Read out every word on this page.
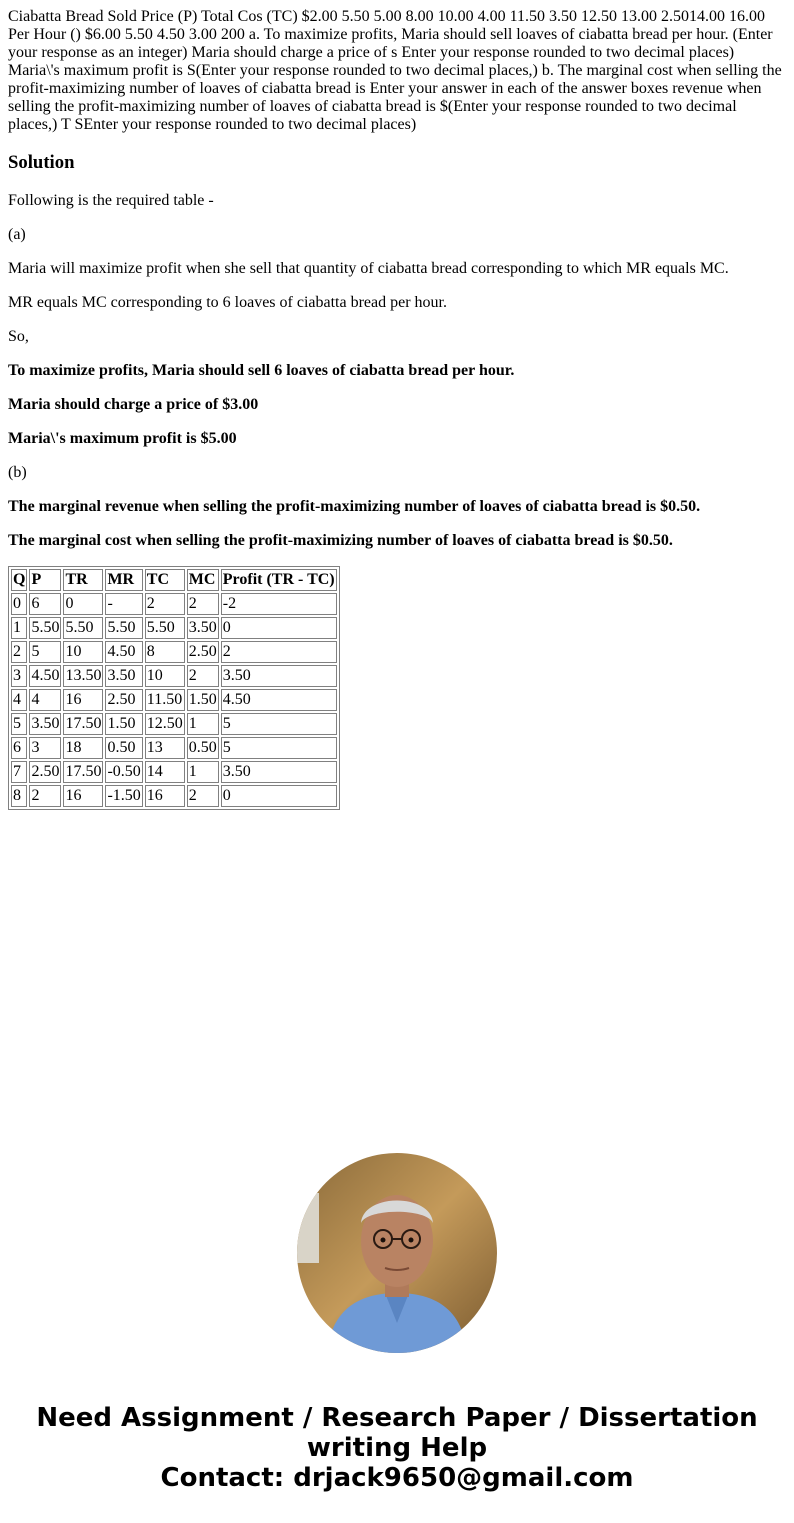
Ciabatta Bread Sold Price (P) Total Cos (TC) $2.00 5.50 5.00 8.00 10.00 4.00 11.50 3.50 12.50 13.00 2.5014.00 16.00 Per Hour () $6.00 5.50 4.50 3.00 200 a. To maximize profits, Maria should sell loaves of ciabatta bread per hour. (Enter your response as an integer) Maria should charge a price of s Enter your response rounded to two decimal places) Maria\'s maximum profit is S(Enter your response rounded to two decimal places,) b. The marginal cost when selling the profit-maximizing number of loaves of ciabatta bread is Enter your answer in each of the answer boxes revenue when selling the profit-maximizing number of loaves of ciabatta bread is $(Enter your response rounded to two decimal places,) T SEnter your response rounded to two decimal places)
Solution

Following is the required table -

(a)

Maria will maximize profit when she sell that quantity of ciabatta bread corresponding to which MR equals MC.

MR equals MC corresponding to 6 loaves of ciabatta bread per hour.

So,

To maximize profits, Maria should sell 6 loaves of ciabatta bread per hour.

Maria should charge a price of $3.00

Maria\'s maximum profit is $5.00

(b)

The marginal revenue when selling the profit-maximizing number of loaves of ciabatta bread is $0.50.

The marginal cost when selling the profit-maximizing number of loaves of ciabatta bread is $0.50.

Q	P	TR	MR	TC	MC	Profit (TR - TC)
0	6	0	-	2	2	-2
1	5.50	5.50	5.50	5.50	3.50	0
2	5	10	4.50	8	2.50	2
3	4.50	13.50	3.50	10	2	3.50
4	4	16	2.50	11.50	1.50	4.50
5	3.50	17.50	1.50	12.50	1	5
6	3	18	0.50	13	0.50	5
7	2.50	17.50	-0.50	14	1	3.50
8	2	16	-1.50	16	2	0
Need Assignment / Research Paper / Dissertation
writing Help
Contact: drjack9650@gmail.com
